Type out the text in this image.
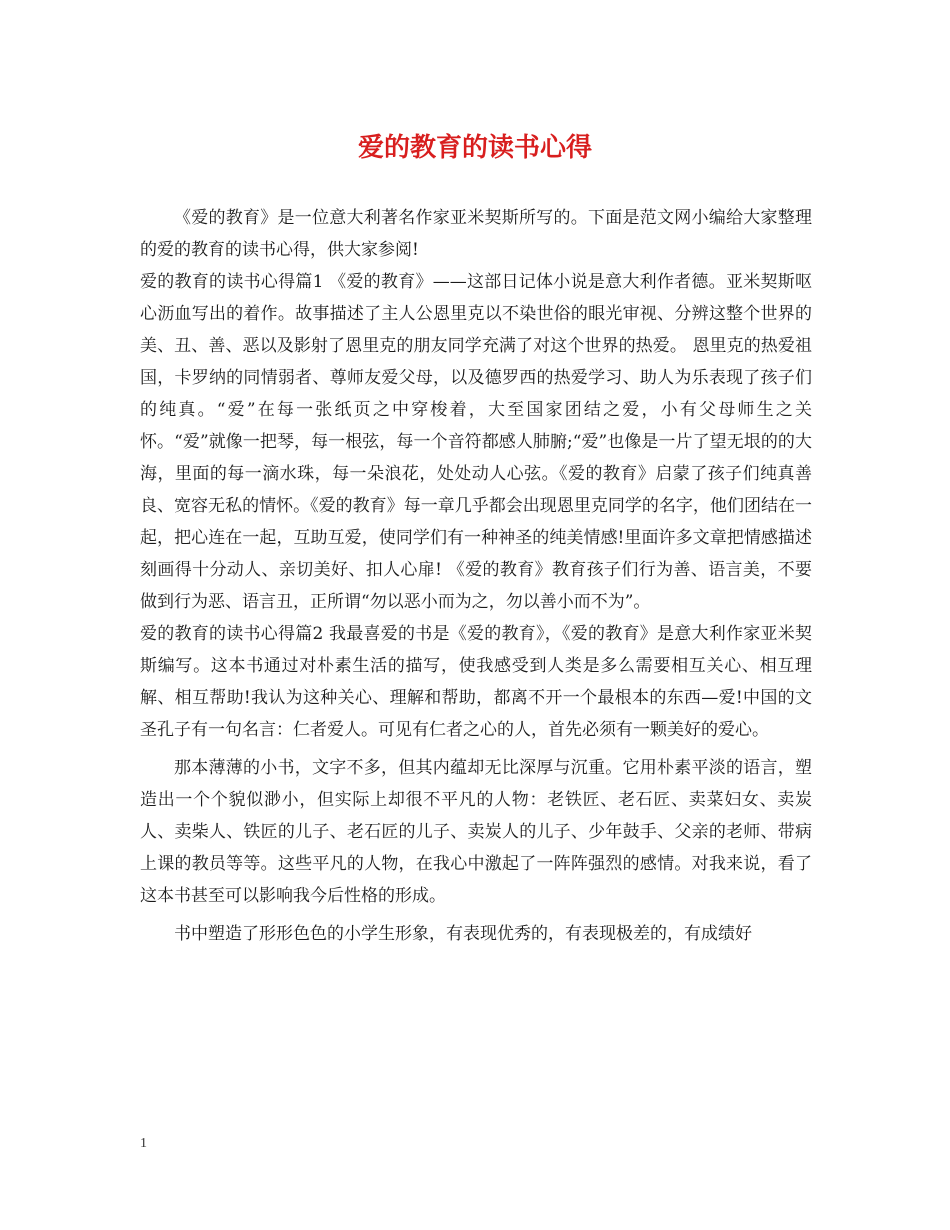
爱的教育的读书心得

《爱的教育》是一位意大利著名作家亚米契斯所写的。下面是范文网小编给大家整理的爱的教育的读书心得，供大家参阅!

爱的教育的读书心得篇1 《爱的教育》——这部日记体小说是意大利作者德。亚米契斯呕心沥血写出的着作。故事描述了主人公恩里克以不染世俗的眼光审视、分辨这整个世界的美、丑、善、恶以及影射了恩里克的朋友同学充满了对这个世界的热爱。 恩里克的热爱祖国，卡罗纳的同情弱者、尊师友爱父母，以及德罗西的热爱学习、助人为乐表现了孩子们的纯真。“爱”在每一张纸页之中穿梭着，大至国家团结之爱，小有父母师生之关怀。“爱”就像一把琴，每一根弦，每一个音符都感人肺腑;“爱”也像是一片了望无垠的的大海，里面的每一滴水珠，每一朵浪花，处处动人心弦。《爱的教育》启蒙了孩子们纯真善良、宽容无私的情怀。《爱的教育》每一章几乎都会出现恩里克同学的名字，他们团结在一起，把心连在一起，互助互爱，使同学们有一种神圣的纯美情感!里面许多文章把情感描述刻画得十分动人、亲切美好、扣人心扉! 《爱的教育》教育孩子们行为善、语言美，不要做到行为恶、语言丑，正所谓“勿以恶小而为之，勿以善小而不为”。

爱的教育的读书心得篇2 我最喜爱的书是《爱的教育》，《爱的教育》是意大利作家亚米契斯编写。这本书通过对朴素生活的描写，使我感受到人类是多么需要相互关心、相互理解、相互帮助!我认为这种关心、理解和帮助，都离不开一个最根本的东西—爱!中国的文圣孔子有一句名言：仁者爱人。可见有仁者之心的人，首先必须有一颗美好的爱心。

那本薄薄的小书，文字不多，但其内蕴却无比深厚与沉重。它用朴素平淡的语言，塑造出一个个貌似渺小，但实际上却很不平凡的人物：老铁匠、老石匠、卖菜妇女、卖炭人、卖柴人、铁匠的儿子、老石匠的儿子、卖炭人的儿子、少年鼓手、父亲的老师、带病上课的教员等等。这些平凡的人物，在我心中激起了一阵阵强烈的感情。对我来说，看了这本书甚至可以影响我今后性格的形成。

书中塑造了形形色色的小学生形象，有表现优秀的，有表现极差的，有成绩好

1
